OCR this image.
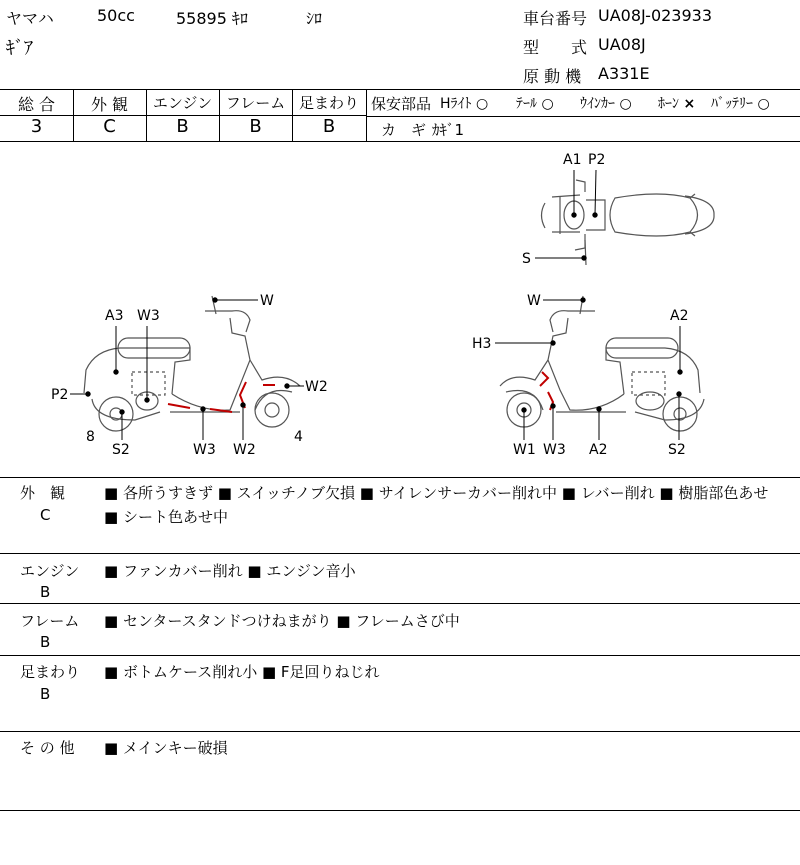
ヤマハ	50cc	55895 ｷﾛ	ｼﾛ
ｷﾞｱ
車台番号 UA08J-023933
型　　式 UA08J
原 動 機 A331E
総 合	外 観	エンジン フレーム 足まわり
3	C	B	B	B
保安部品 Hﾗｲﾄ ○ ﾃｰﾙ ○ ｳｲﾝｶｰ ○ ﾎｰﾝ × ﾊﾞｯﾃﾘｰ ○
カ　ギ ｶｷﾞ1
A1 P2
S
W
A3 W3
P2	W2
8
S2	W3 W2
4
W
A2
H3
W1 W3 A2	S2
外　観
C
■ 各所うすきず ■ スイッチノブ欠損 ■ サイレンサーカバー削れ中 ■ レバー削れ ■ 樹脂部色あせ ■ シート色あせ中
エンジン
B
■ ファンカバー削れ ■ エンジン音小
フレーム
B
■ センタースタンドつけねまがり ■ フレームさび中
足まわり
B
■ ボトムケース削れ小 ■ F足回りねじれ
そ の 他 ■ メインキー破損
